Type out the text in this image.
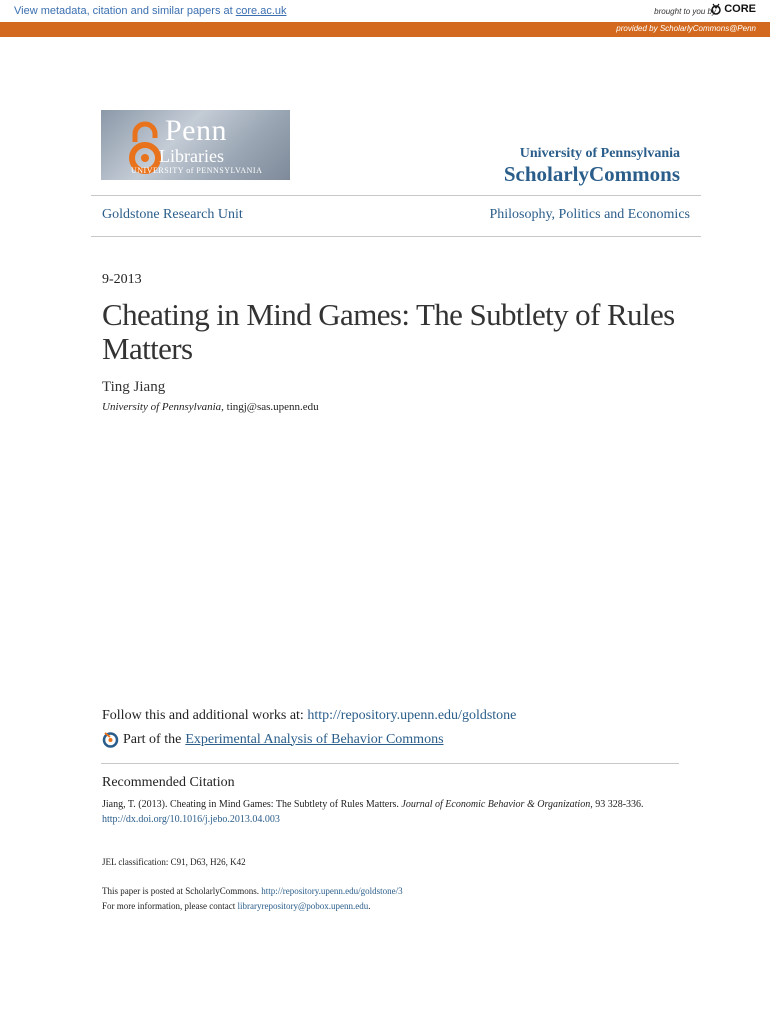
View metadata, citation and similar papers at core.ac.uk	brought to you by CORE
provided by ScholarlyCommons@Penn
Penn
Libraries
UNIVERSITY of PENNSYLVANIA
University of Pennsylvania
ScholarlyCommons
Goldstone Research Unit	Philosophy, Politics and Economics
9-2013
Cheating in Mind Games: The Subtlety of Rules Matters
Ting Jiang
University of Pennsylvania, tingj@sas.upenn.edu
Follow this and additional works at: http://repository.upenn.edu/goldstone
Part of the Experimental Analysis of Behavior Commons
Recommended Citation
Jiang, T. (2013). Cheating in Mind Games: The Subtlety of Rules Matters. Journal of Economic Behavior & Organization, 93 328-336.
http://dx.doi.org/10.1016/j.jebo.2013.04.003
JEL classification: C91, D63, H26, K42
This paper is posted at ScholarlyCommons. http://repository.upenn.edu/goldstone/3
For more information, please contact libraryrepository@pobox.upenn.edu.
